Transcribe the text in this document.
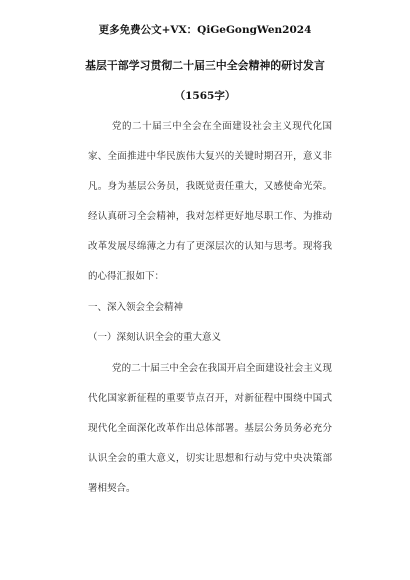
更多免费公文+VX：QiGeGongWen2024
基层干部学习贯彻二十届三中全会精神的研讨发言
（1565字）
党的二十届三中全会在全面建设社会主义现代化国
家、全面推进中华民族伟大复兴的关键时期召开，意义非
凡。身为基层公务员，我既觉责任重大，又感使命光荣。
经认真研习全会精神，我对怎样更好地尽职工作、为推动
改革发展尽绵薄之力有了更深层次的认知与思考。现将我
的心得汇报如下：
一、深入领会全会精神
（一）深刻认识全会的重大意义
党的二十届三中全会在我国开启全面建设社会主义现
代化国家新征程的重要节点召开，对新征程中围绕中国式
现代化全面深化改革作出总体部署。基层公务员务必充分
认识全会的重大意义，切实让思想和行动与党中央决策部
署相契合。
